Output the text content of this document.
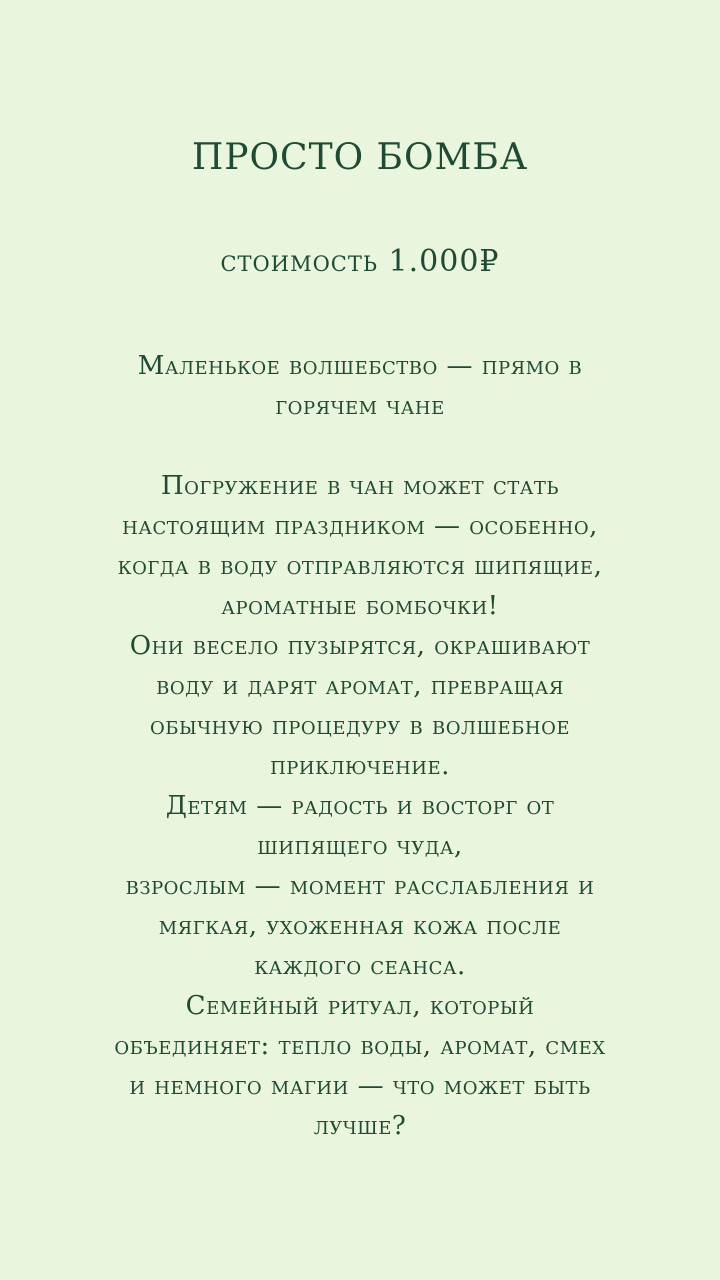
ПРОСТО БОМБА
стоимость 1.000₽
Маленькое волшебство — прямо в
горячем чане
Погружение в чан может стать
настоящим праздником — особенно,
когда в воду отправляются шипящие,
ароматные бомбочки!
Они весело пузырятся, окрашивают
воду и дарят аромат, превращая
обычную процедуру в волшебное
приключение.
Детям — радость и восторг от
шипящего чуда,
взрослым — момент расслабления и
мягкая, ухоженная кожа после
каждого сеанса.
Семейный ритуал, который
объединяет: тепло воды, аромат, смех
и немного магии — что может быть
лучше?
